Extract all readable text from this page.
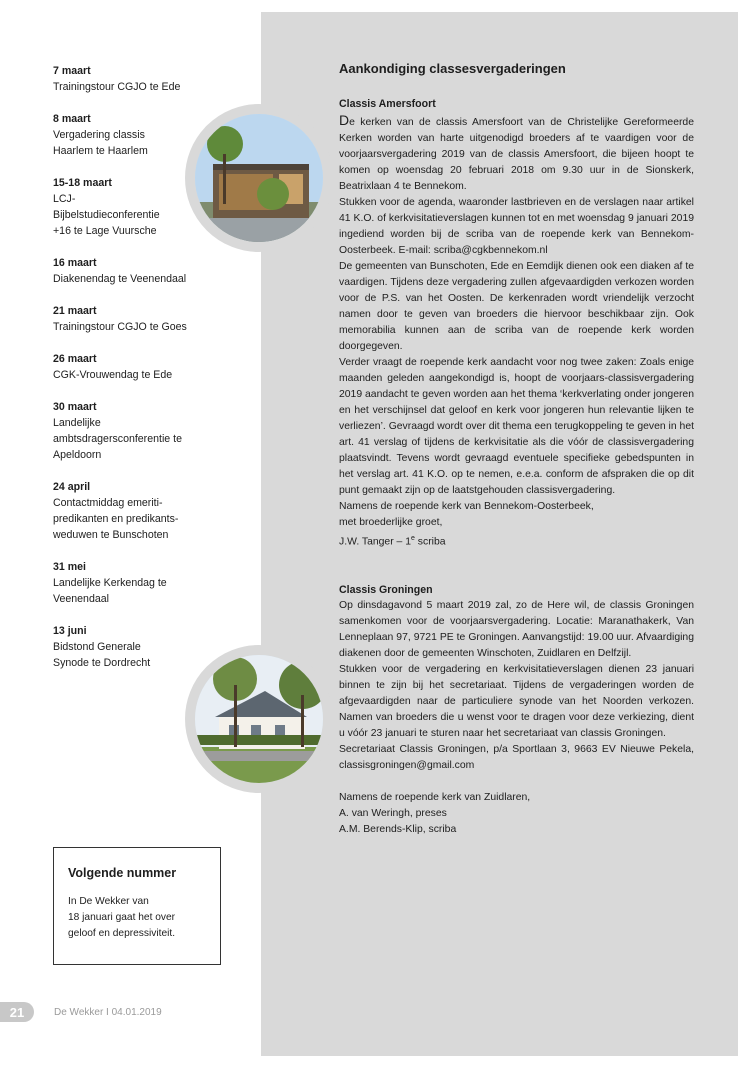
7 maart
Trainingstour CGJO te Ede
8 maart
Vergadering classis
Haarlem te Haarlem
15-18 maart
LCJ-
Bijbelstudieconferentie
+16 te Lage Vuursche
16 maart
Diakenendag te Veenendaal
21 maart
Trainingstour CGJO te Goes
26 maart
CGK-Vrouwendag te Ede
30 maart
Landelijke
ambtsdragersconferentie te
Apeldoorn
24 april
Contactmiddag emeriti-
predikanten en predikants-
weduwen te Bunschoten
31 mei
Landelijke Kerkendag te
Veenendaal
13 juni
Bidstond Generale
Synode te Dordrecht
Aankondiging classesvergaderingen
Classis Amersfoort

De kerken van de classis Amersfoort van de Christelijke Gereformeerde Kerken worden van harte uitgenodigd broeders af te vaardigen voor de voorjaarsvergadering 2019 van de classis Amersfoort, die bijeen hoopt te komen op woensdag 20 februari 2018 om 9.30 uur in de Sionskerk, Beatrixlaan 4 te Bennekom.

Stukken voor de agenda, waaronder lastbrieven en de verslagen naar artikel 41 K.O. of kerkvisitatieverslagen kunnen tot en met woensdag 9 januari 2019 ingediend worden bij de scriba van de roepende kerk van Bennekom-Oosterbeek. E-mail: scriba@cgkbennekom.nl

De gemeenten van Bunschoten, Ede en Eemdijk dienen ook een diaken af te vaardigen. Tijdens deze vergadering zullen afgevaardigden verkozen worden voor de P.S. van het Oosten. De kerkenraden wordt vriendelijk verzocht namen door te geven van broeders die hiervoor beschikbaar zijn. Ook memorabilia kunnen aan de scriba van de roepende kerk worden doorgegeven.

Verder vraagt de roepende kerk aandacht voor nog twee zaken: Zoals enige maanden geleden aangekondigd is, hoopt de voorjaars-classisvergadering 2019 aandacht te geven worden aan het thema ‘kerkverlating onder jongeren en het verschijnsel dat geloof en kerk voor jongeren hun relevantie lijken te verliezen’. Gevraagd wordt over dit thema een terugkoppeling te geven in het art. 41 verslag of tijdens de kerkvisitatie als die vóór de classisvergadering plaatsvindt. Tevens wordt gevraagd eventuele specifieke gebedspunten in het verslag art. 41 K.O. op te nemen, e.e.a. conform de afspraken die op dit punt gemaakt zijn op de laatstgehouden classisvergadering.

Namens de roepende kerk van Bennekom-Oosterbeek,

met broederlijke groet,

J.W. Tanger – 1e scriba

Classis Groningen

Op dinsdagavond 5 maart 2019 zal, zo de Here wil, de classis Groningen samenkomen voor de voorjaarsvergadering. Locatie: Maranathakerk, Van Lenneplaan 97, 9721 PE te Groningen. Aanvangstijd: 19.00 uur. Afvaardiging diakenen door de gemeenten Winschoten, Zuidlaren en Delfzijl.

Stukken voor de vergadering en kerkvisitatieverslagen dienen 23 januari binnen te zijn bij het secretariaat. Tijdens de vergaderingen worden de afgevaardigden naar de particuliere synode van het Noorden verkozen. Namen van broeders die u wenst voor te dragen voor deze verkiezing, dient u vóór 23 januari te sturen naar het secretariaat van classis Groningen.

Secretariaat Classis Groningen, p/a Sportlaan 3, 9663 EV Nieuwe Pekela, classisgroningen@gmail.com

Namens de roepende kerk van Zuidlaren,

A. van Weringh, preses

A.M. Berends-Klip, scriba

Volgende nummer

In De Wekker van
18 januari gaat het over
geloof en depressiviteit.

21	De Wekker I 04.01.2019
